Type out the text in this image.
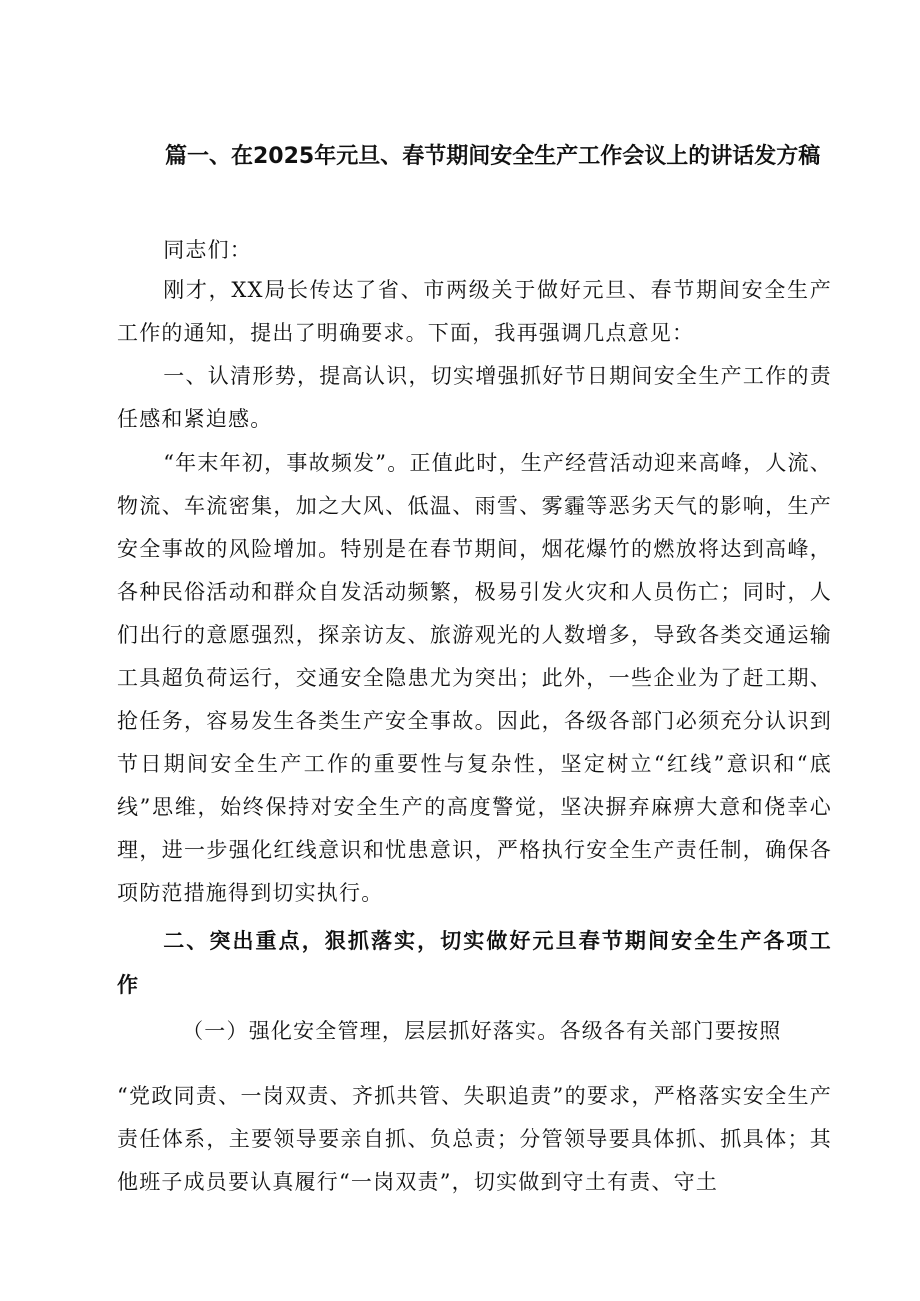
篇一、在2025年元旦、春节期间安全生产工作会议上的讲话发方稿
同志们：
刚才，XX局长传达了省、市两级关于做好元旦、春节期间安全生产工作的通知，提出了明确要求。下面，我再强调几点意见：
一、认清形势，提高认识，切实增强抓好节日期间安全生产工作的责任感和紧迫感。
“年末年初，事故频发”。正值此时，生产经营活动迎来高峰，人流、物流、车流密集，加之大风、低温、雨雪、雾霾等恶劣天气的影响，生产安全事故的风险增加。特别是在春节期间，烟花爆竹的燃放将达到高峰，各种民俗活动和群众自发活动频繁，极易引发火灾和人员伤亡；同时，人们出行的意愿强烈，探亲访友、旅游观光的人数增多，导致各类交通运输工具超负荷运行，交通安全隐患尤为突出；此外，一些企业为了赶工期、抢任务，容易发生各类生产安全事故。因此，各级各部门必须充分认识到节日期间安全生产工作的重要性与复杂性，坚定树立“红线”意识和“底线”思维，始终保持对安全生产的高度警觉，坚决摒弃麻痹大意和侥幸心理，进一步强化红线意识和忧患意识，严格执行安全生产责任制，确保各项防范措施得到切实执行。
二、突出重点，狠抓落实，切实做好元旦春节期间安全生产各项工作
（一）强化安全管理，层层抓好落实。各级各有关部门要按照
“党政同责、一岗双责、齐抓共管、失职追责”的要求，严格落实安全生产责任体系，主要领导要亲自抓、负总责；分管领导要具体抓、抓具体；其他班子成员要认真履行“一岗双责”，切实做到守土有责、守土
